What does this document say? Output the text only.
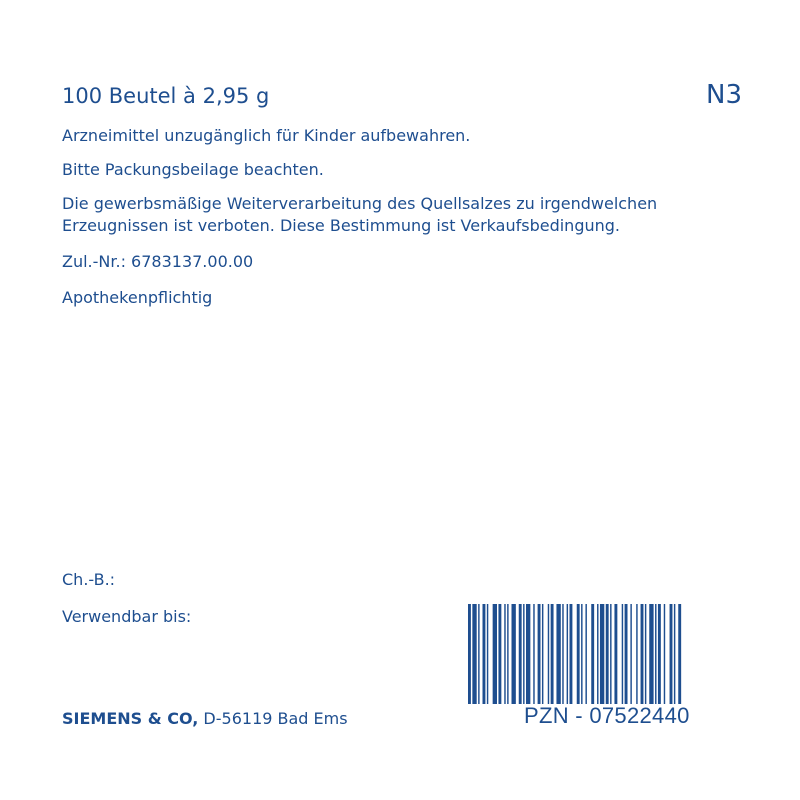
100 Beutel à 2,95 g	N3
Arzneimittel unzugänglich für Kinder aufbewahren.
Bitte Packungsbeilage beachten.
Die gewerbsmäßige Weiterverarbeitung des Quellsalzes zu irgendwelchen Erzeugnissen ist verboten. Diese Bestimmung ist Verkaufsbedingung.
Zul.-Nr.: 6783137.00.00
Apothekenpflichtig
Ch.-B.:
Verwendbar bis:
SIEMENS & CO, D-56119 Bad Ems	PZN - 07522440
